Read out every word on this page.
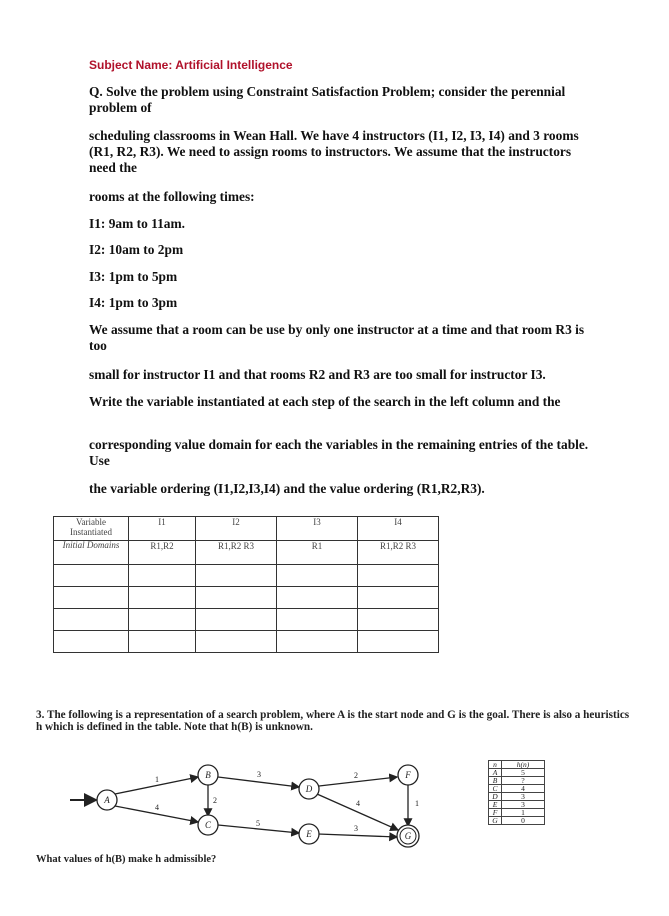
Subject Name: Artificial Intelligence
Q. Solve the problem using Constraint Satisfaction Problem; consider the perennial problem of
scheduling classrooms in Wean Hall. We have 4 instructors (I1, I2, I3, I4) and 3 rooms (R1, R2, R3). We need to assign rooms to instructors. We assume that the instructors need the
rooms at the following times:
I1: 9am to 11am.
I2: 10am to 2pm
I3: 1pm to 5pm
I4: 1pm to 3pm
We assume that a room can be use by only one instructor at a time and that room R3 is too
small for instructor I1 and that rooms R2 and R3 are too small for instructor I3.
Write the variable instantiated at each step of the search in the left column and the
corresponding value domain for each the variables in the remaining entries of the table. Use
the variable ordering (I1,I2,I3,I4) and the value ordering (R1,R2,R3).
Variable Instantiated	I1	I2	I3	I4
Initial Domains	R1,R2	R1,R2 R3	R1	R1,R2 R3

3. The following is a representation of a search problem, where A is the start node and G is the goal. There is also a heuristics h which is defined in the table. Note that h(B) is unknown.
1
4
2
3
5
2
4
3
1
A
B
C
D
E
F
G
n	h(n)
A	5
B	?
C	4
D	3
E	3
F	1
G	0
What values of h(B) make h admissible?
